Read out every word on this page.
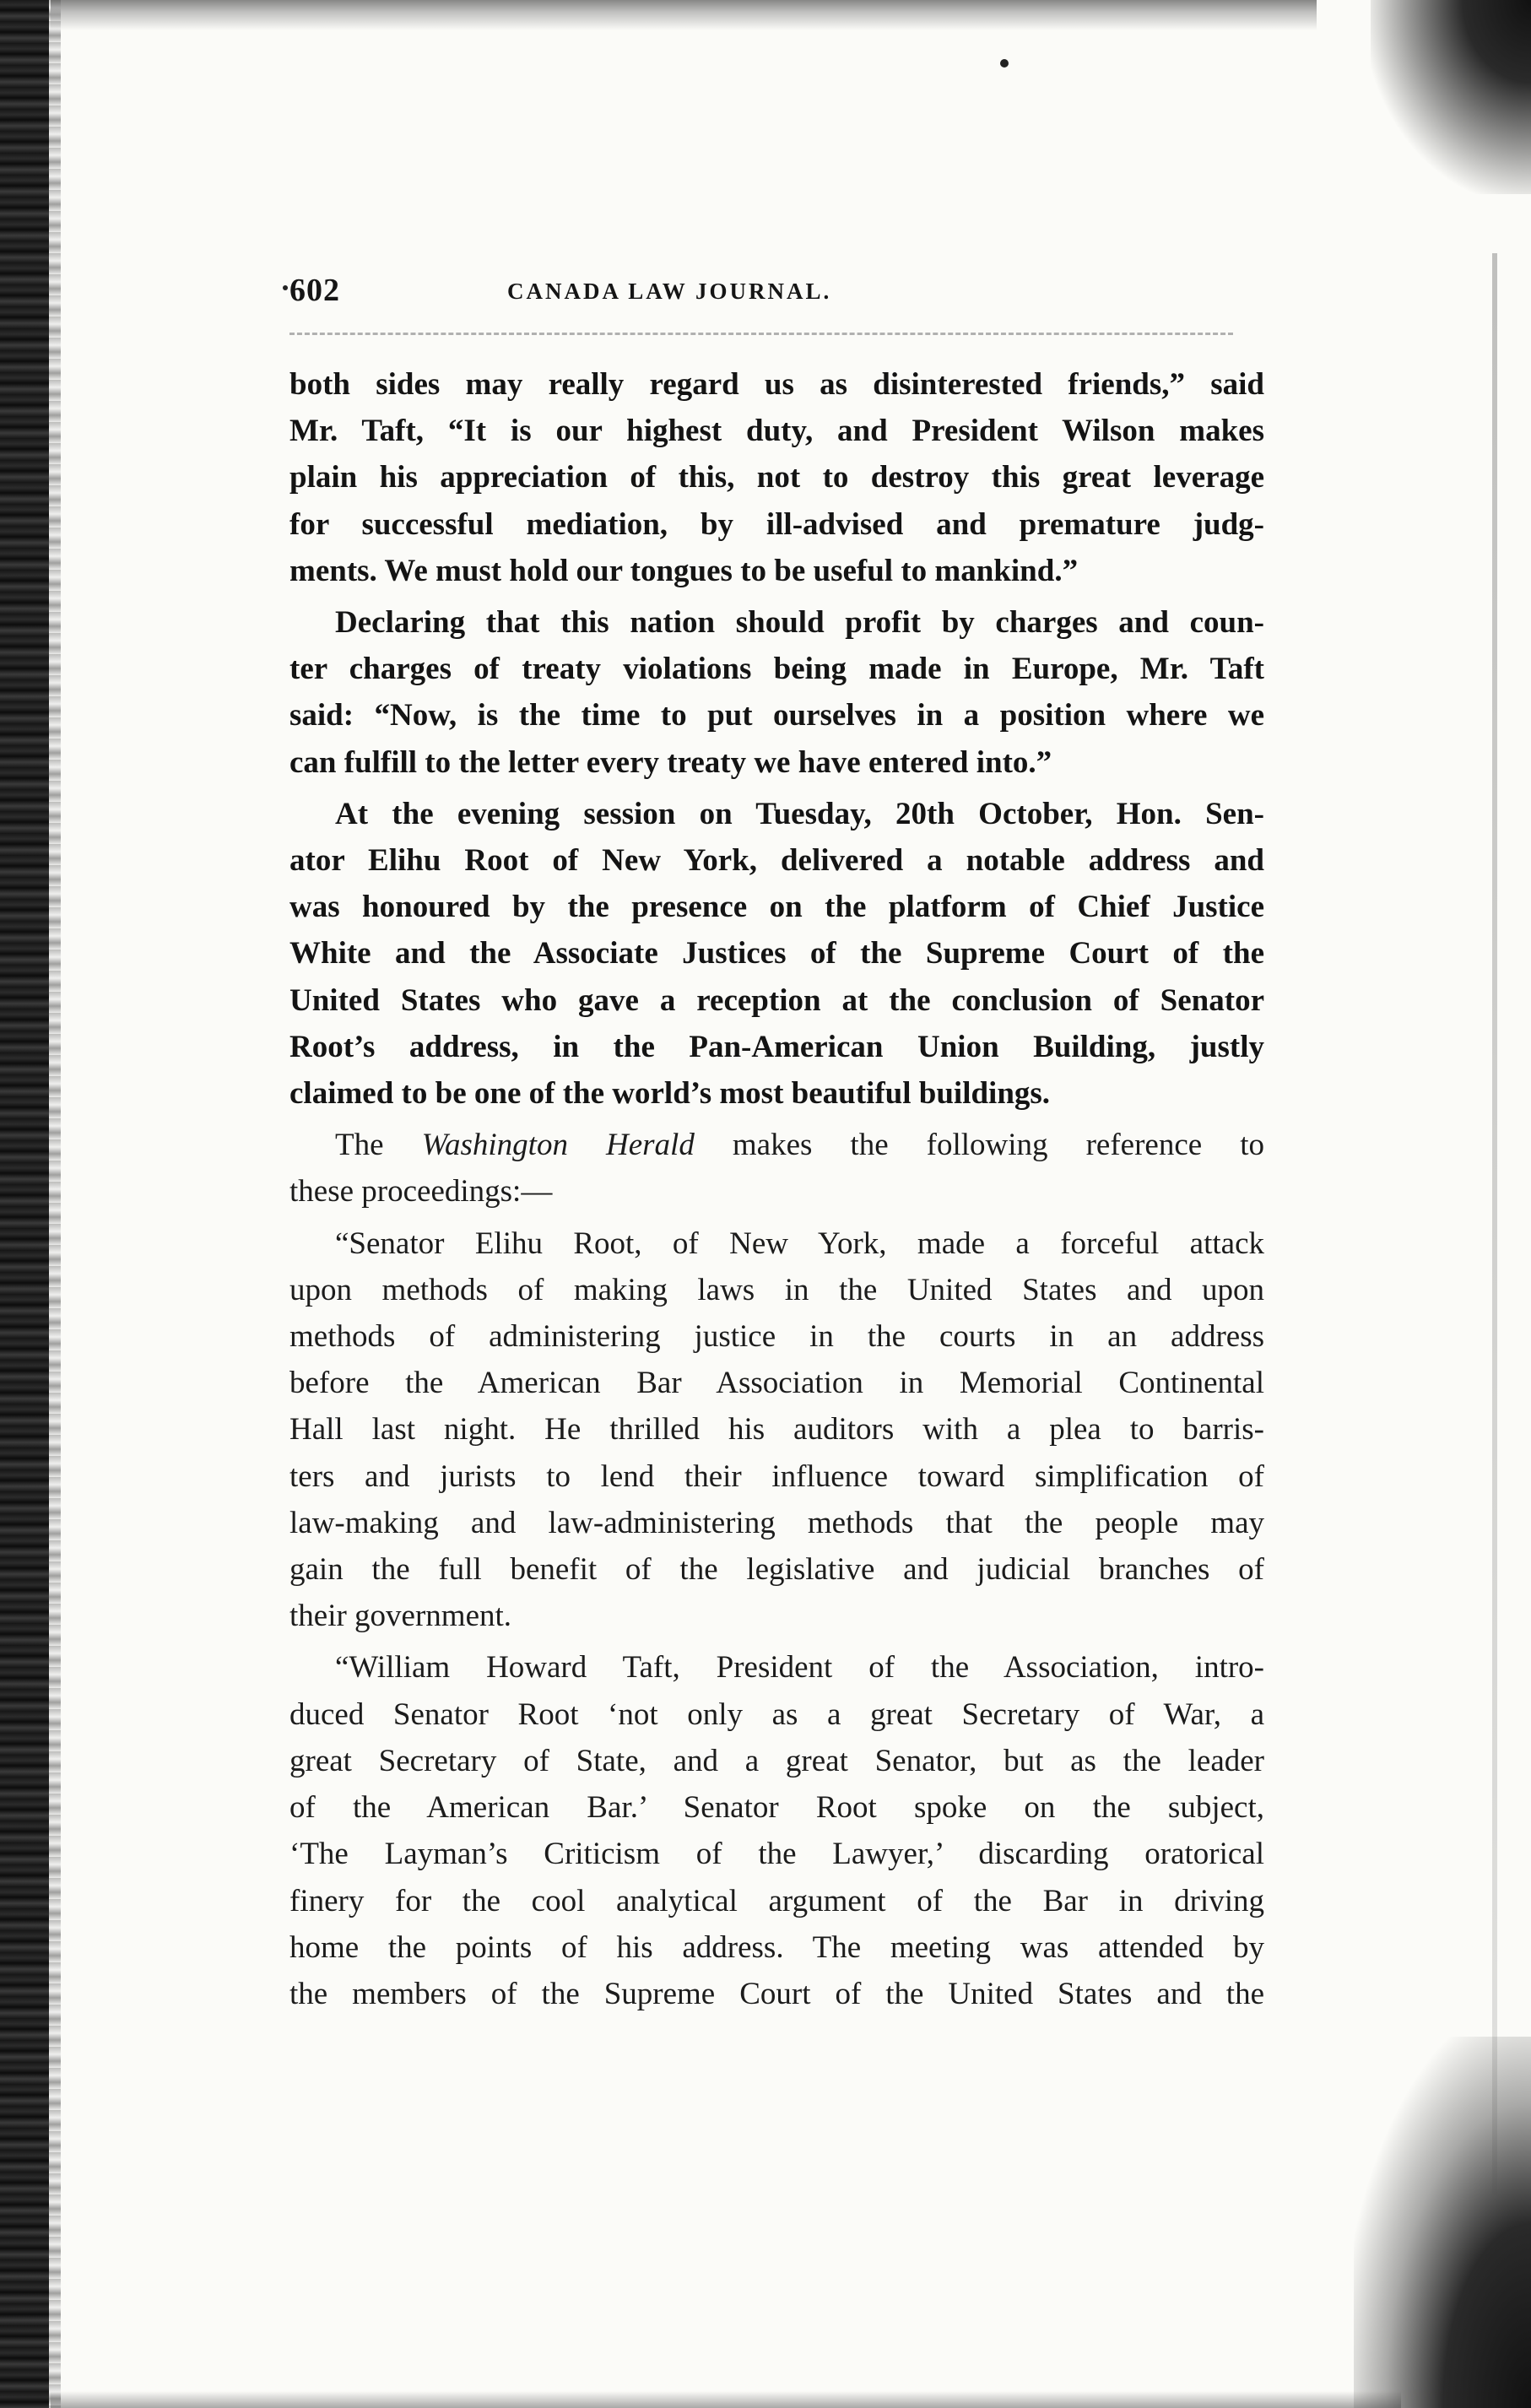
602	CANADA LAW JOURNAL.

both sides may really regard us as disinterested friends,” said
Mr. Taft, “It is our highest duty, and President Wilson makes
plain his appreciation of this, not to destroy this great leverage
for successful mediation, by ill-advised and premature judg-
ments. We must hold our tongues to be useful to mankind.”

Declaring that this nation should profit by charges and coun-
ter charges of treaty violations being made in Europe, Mr. Taft
said: “Now, is the time to put ourselves in a position where we
can fulfill to the letter every treaty we have entered into.”

At the evening session on Tuesday, 20th October, Hon. Sen-
ator Elihu Root of New York, delivered a notable address and
was honoured by the presence on the platform of Chief Justice
White and the Associate Justices of the Supreme Court of the
United States who gave a reception at the conclusion of Senator
Root’s address, in the Pan-American Union Building, justly
claimed to be one of the world’s most beautiful buildings.

The Washington Herald makes the following reference to
these proceedings:—

“Senator Elihu Root, of New York, made a forceful attack
upon methods of making laws in the United States and upon
methods of administering justice in the courts in an address
before the American Bar Association in Memorial Continental
Hall last night. He thrilled his auditors with a plea to barris-
ters and jurists to lend their influence toward simplification of
law-making and law-administering methods that the people may
gain the full benefit of the legislative and judicial branches of
their government.

“William Howard Taft, President of the Association, intro-
duced Senator Root ‘not only as a great Secretary of War, a
great Secretary of State, and a great Senator, but as the leader
of the American Bar.’ Senator Root spoke on the subject,
‘The Layman’s Criticism of the Lawyer,’ discarding oratorical
finery for the cool analytical argument of the Bar in driving
home the points of his address. The meeting was attended by
the members of the Supreme Court of the United States and the
